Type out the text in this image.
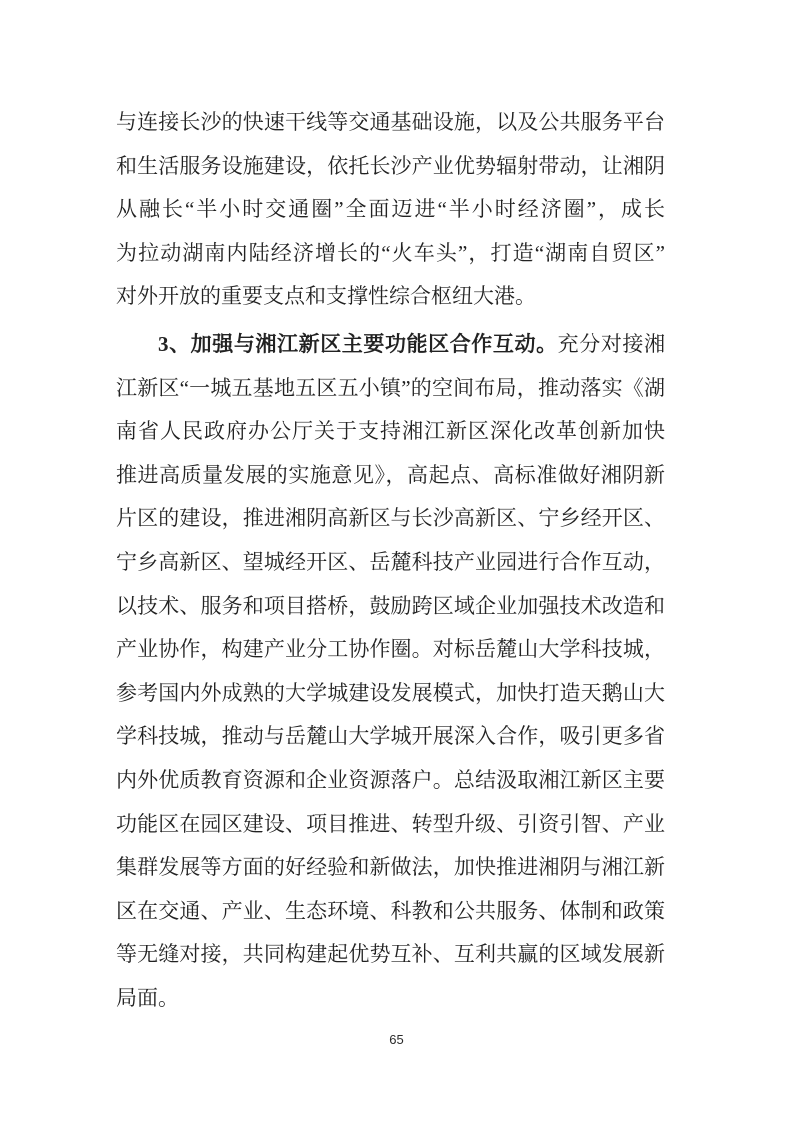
与连接长沙的快速干线等交通基础设施，以及公共服务平台
和生活服务设施建设，依托长沙产业优势辐射带动，让湘阴
从融长“半小时交通圈”全面迈进“半小时经济圈”，成长
为拉动湖南内陆经济增长的“火车头”，打造“湖南自贸区”
对外开放的重要支点和支撑性综合枢纽大港。
3、加强与湘江新区主要功能区合作互动。充分对接湘
江新区“一城五基地五区五小镇”的空间布局，推动落实《湖
南省人民政府办公厅关于支持湘江新区深化改革创新加快
推进高质量发展的实施意见》，高起点、高标准做好湘阴新
片区的建设，推进湘阴高新区与长沙高新区、宁乡经开区、
宁乡高新区、望城经开区、岳麓科技产业园进行合作互动，
以技术、服务和项目搭桥，鼓励跨区域企业加强技术改造和
产业协作，构建产业分工协作圈。对标岳麓山大学科技城，
参考国内外成熟的大学城建设发展模式，加快打造天鹅山大
学科技城，推动与岳麓山大学城开展深入合作，吸引更多省
内外优质教育资源和企业资源落户。总结汲取湘江新区主要
功能区在园区建设、项目推进、转型升级、引资引智、产业
集群发展等方面的好经验和新做法，加快推进湘阴与湘江新
区在交通、产业、生态环境、科教和公共服务、体制和政策
等无缝对接，共同构建起优势互补、互利共赢的区域发展新
局面。
65
